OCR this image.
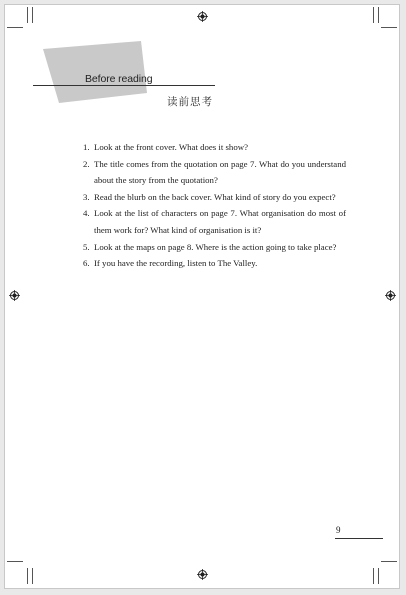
Before reading
读前思考
1. Look at the front cover. What does it show?
2. The title comes from the quotation on page 7. What do you understand about the story from the quotation?
3. Read the blurb on the back cover. What kind of story do you expect?
4. Look at the list of characters on page 7. What organisation do most of them work for? What kind of organisation is it?
5. Look at the maps on page 8. Where is the action going to take place?
6. If you have the recording, listen to The Valley.
9
